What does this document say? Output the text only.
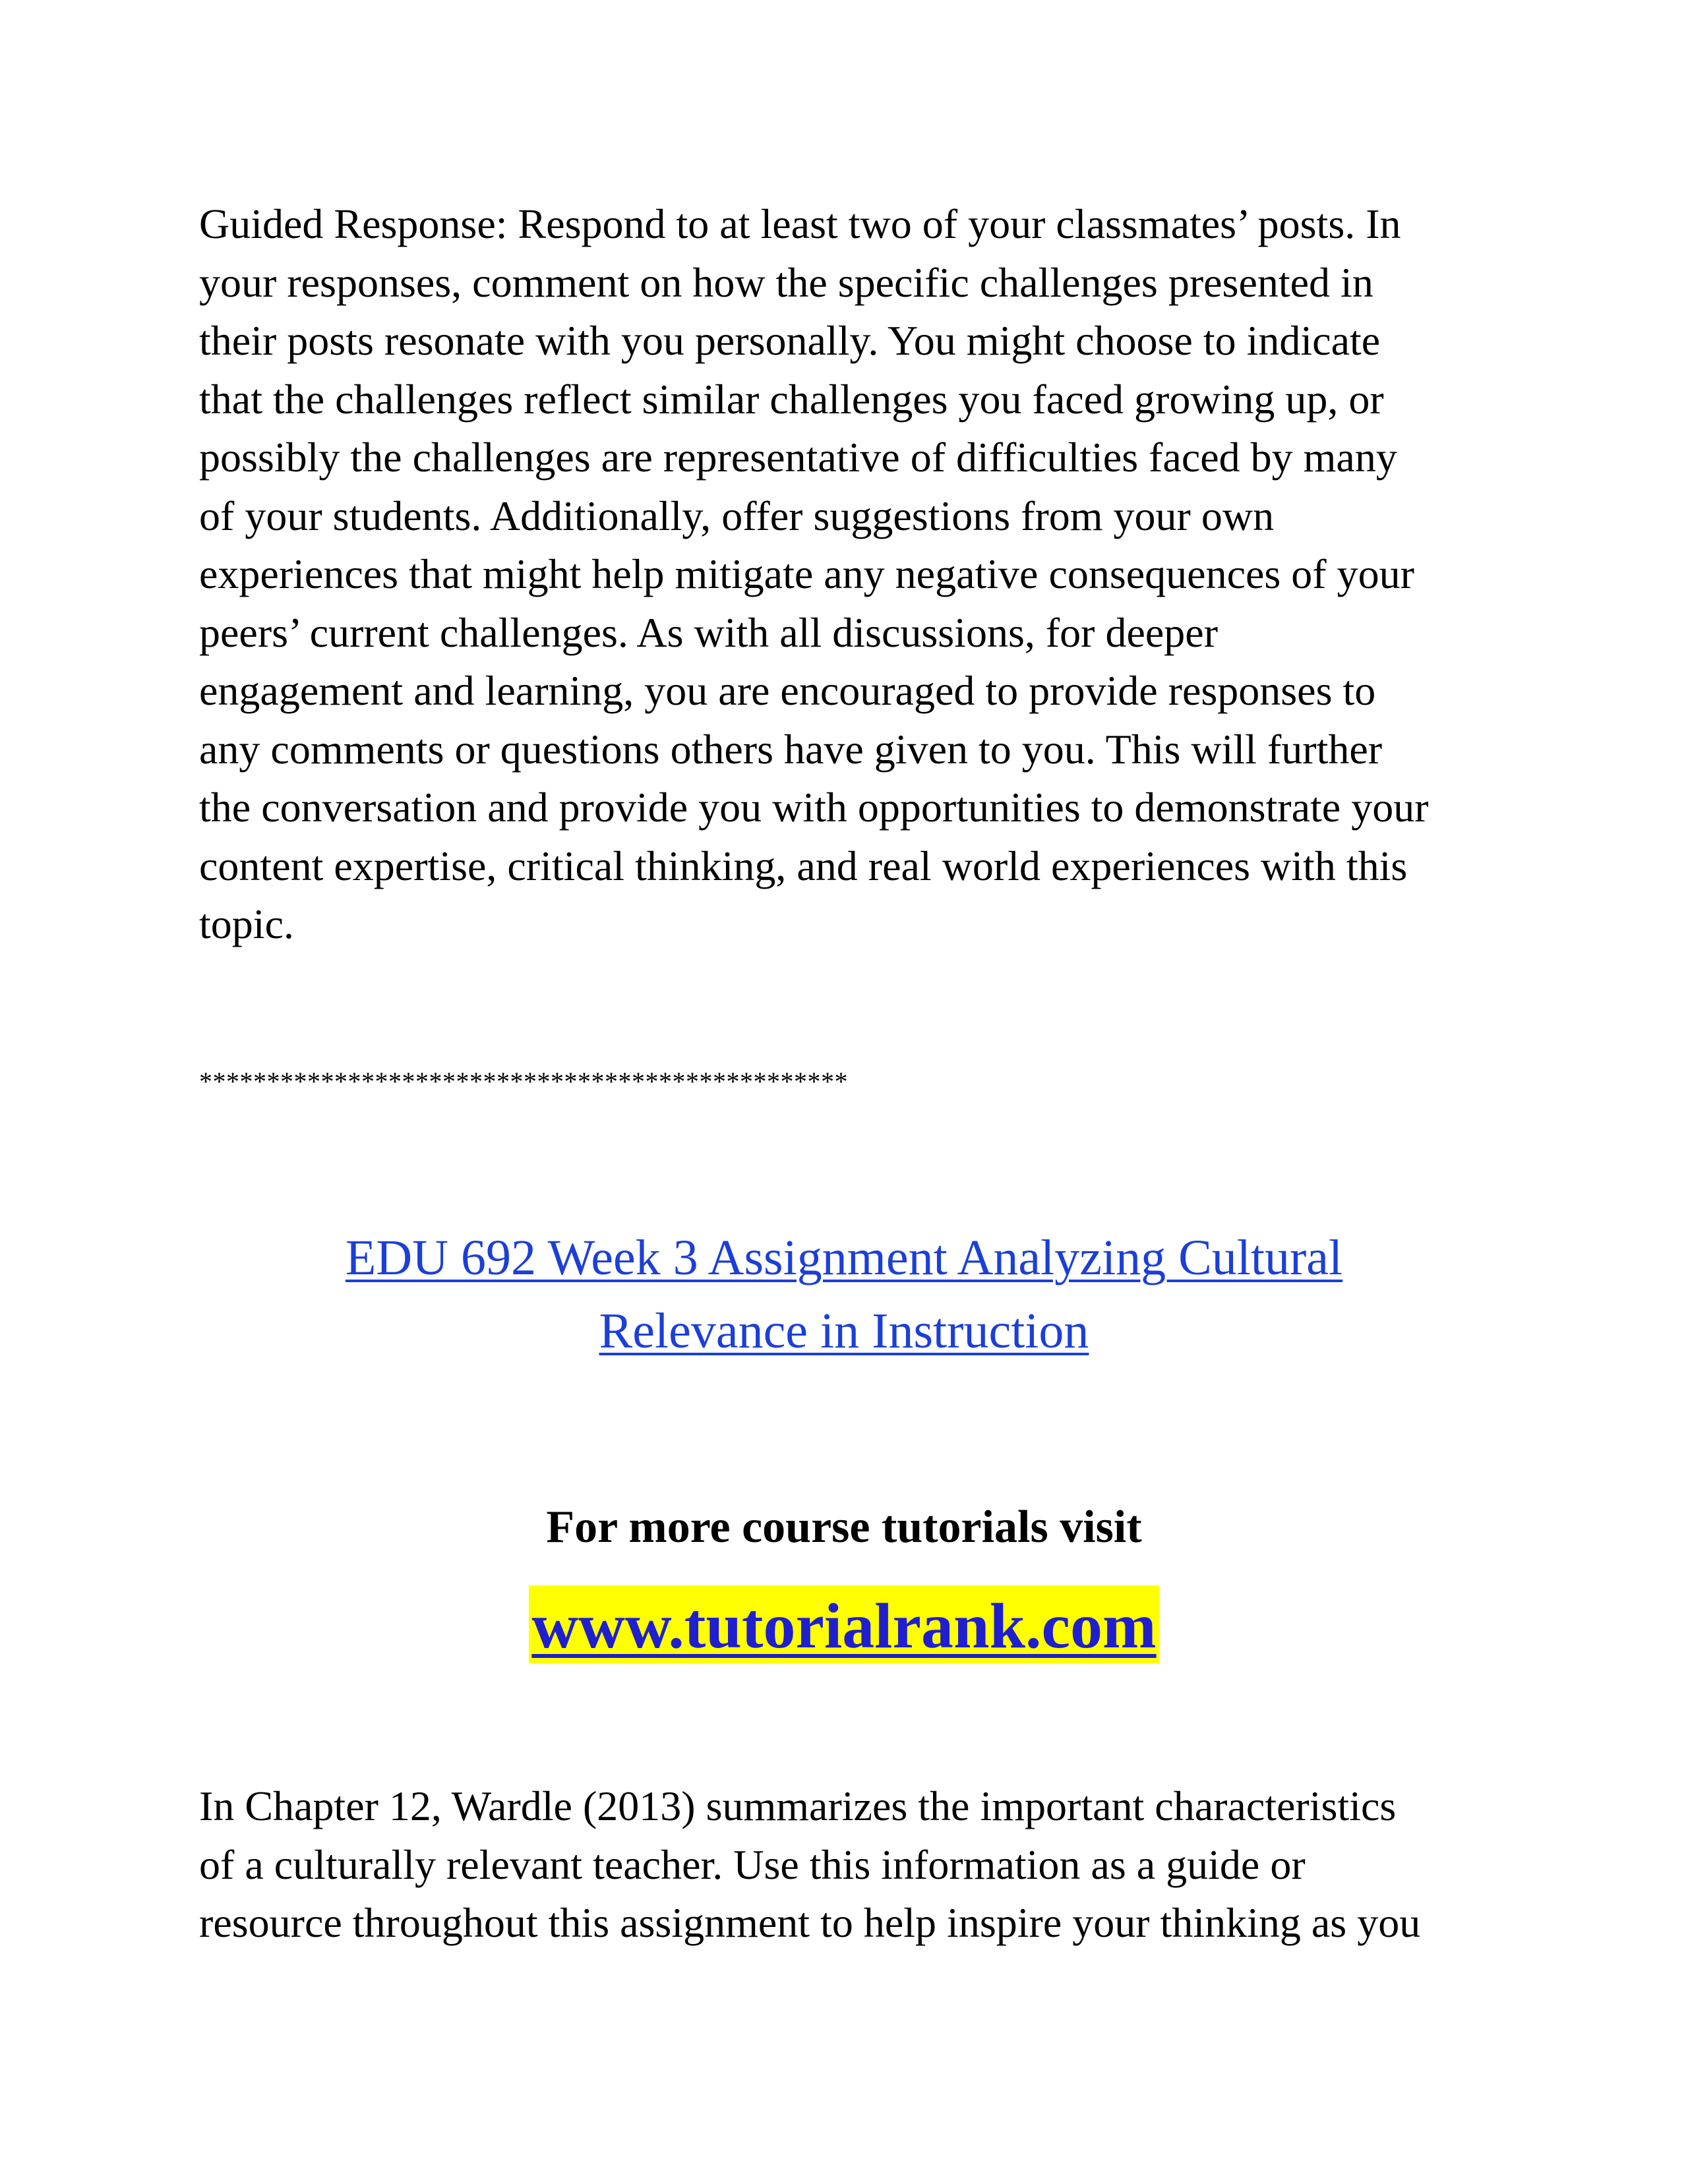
Guided Response: Respond to at least two of your classmates’ posts. In
your responses, comment on how the specific challenges presented in
their posts resonate with you personally. You might choose to indicate
that the challenges reflect similar challenges you faced growing up, or
possibly the challenges are representative of difficulties faced by many
of your students. Additionally, offer suggestions from your own
experiences that might help mitigate any negative consequences of your
peers’ current challenges. As with all discussions, for deeper
engagement and learning, you are encouraged to provide responses to
any comments or questions others have given to you. This will further
the conversation and provide you with opportunities to demonstrate your
content expertise, critical thinking, and real world experiences with this
topic.

************************************************
EDU 692 Week 3 Assignment Analyzing Cultural
Relevance in Instruction
For more course tutorials visit
www.tutorialrank.com

In Chapter 12, Wardle (2013) summarizes the important characteristics
of a culturally relevant teacher. Use this information as a guide or
resource throughout this assignment to help inspire your thinking as you
